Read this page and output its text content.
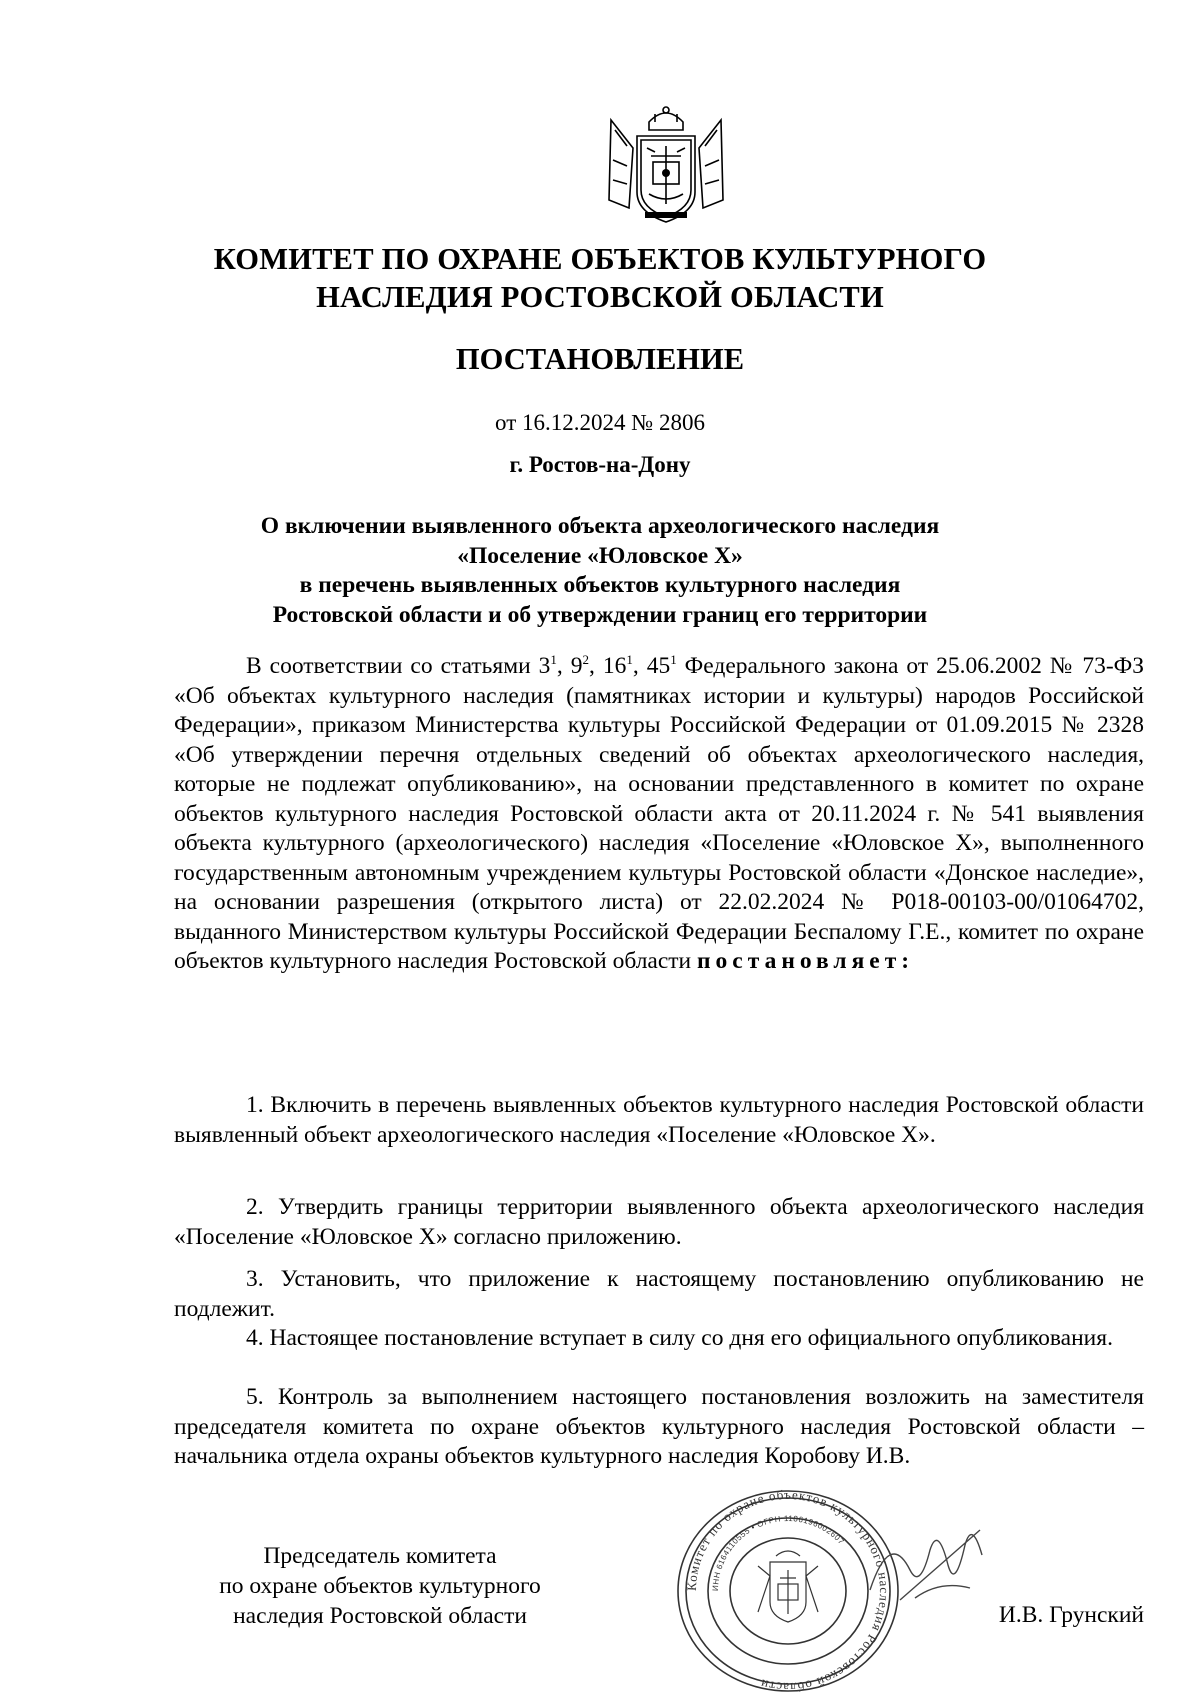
КОМИТЕТ ПО ОХРАНЕ ОБЪЕКТОВ КУЛЬТУРНОГО
НАСЛЕДИЯ РОСТОВСКОЙ ОБЛАСТИ
ПОСТАНОВЛЕНИЕ
от 16.12.2024 № 2806
г. Ростов-на-Дону
О включении выявленного объекта археологического наследия
«Поселение «Юловское Х»
в перечень выявленных объектов культурного наследия
Ростовской области и об утверждении границ его территории

В соответствии со статьями $3^1$, $9^2$, $16^1$, $45^1$ Федерального закона от 25.06.2002 № 73-ФЗ «Об объектах культурного наследия (памятниках истории и культуры) народов Российской Федерации», приказом Министерства культуры Российской Федерации от 01.09.2015 № 2328 «Об утверждении перечня отдельных сведений об объектах археологического наследия, которые не подлежат опубликованию», на основании представленного в комитет по охране объектов культурного наследия Ростовской области акта от 20.11.2024 г. № 541 выявления объекта культурного (археологического) наследия «Поселение «Юловское Х», выполненного государственным автономным учреждением культуры Ростовской области «Донское наследие», на основании разрешения (открытого листа) от 22.02.2024 № Р018-00103-00/01064702, выданного Министерством культуры Российской Федерации Беспалому Г.Е., комитет по охране объектов культурного наследия Ростовской области постановляет:

1. Включить в перечень выявленных объектов культурного наследия Ростовской области выявленный объект археологического наследия «Поселение «Юловское Х».

2. Утвердить границы территории выявленного объекта археологического наследия «Поселение «Юловское Х» согласно приложению.

3. Установить, что приложение к настоящему постановлению опубликованию не подлежит.

4. Настоящее постановление вступает в силу со дня его официального опубликования.

5. Контроль за выполнением настоящего постановления возложить на заместителя председателя комитета по охране объектов культурного наследия Ростовской области – начальника отдела охраны объектов культурного наследия Коробову И.В.

Председатель комитета
по охране объектов культурного
наследия Ростовской области
Комитет по охране объектов культурного наследия Ростовской области
ИНН 6164110555 • ОГРН 1186196002607
И.В. Грунский
